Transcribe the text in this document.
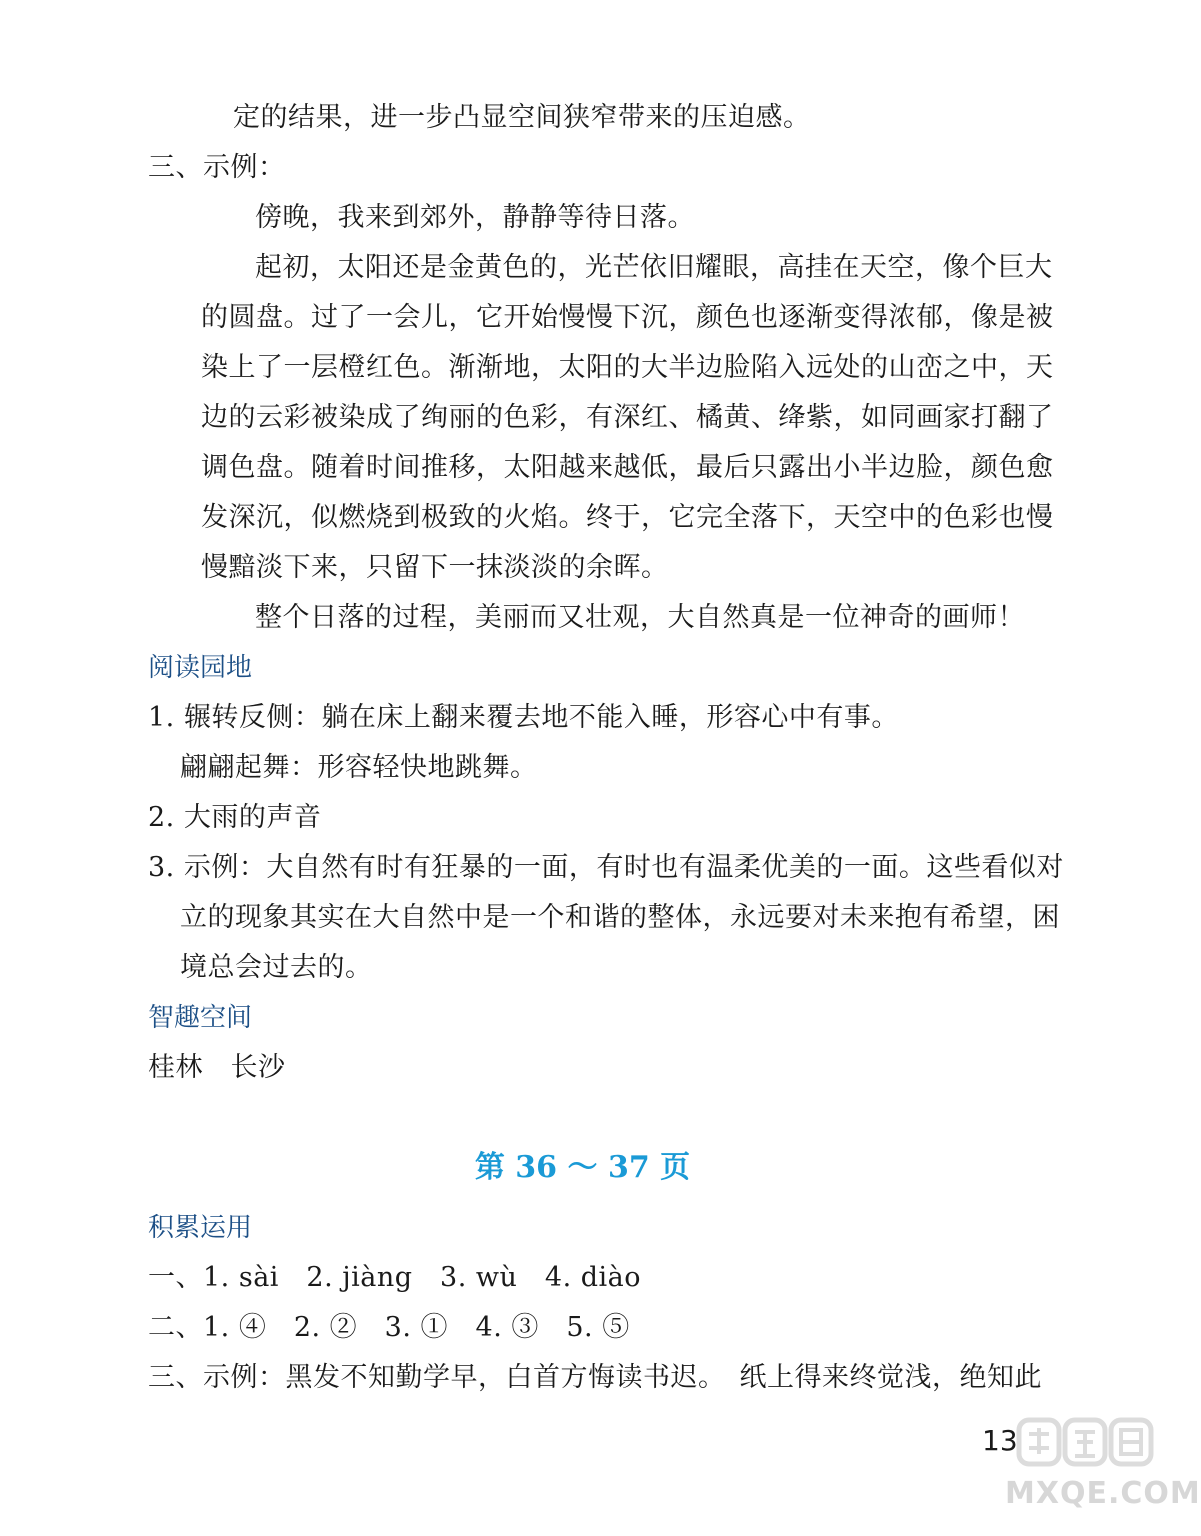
定的结果，进一步凸显空间狭窄带来的压迫感。
三、示例：
傍晚，我来到郊外，静静等待日落。
起初，太阳还是金黄色的，光芒依旧耀眼，高挂在天空，像个巨大
的圆盘。过了一会儿，它开始慢慢下沉，颜色也逐渐变得浓郁，像是被
染上了一层橙红色。渐渐地，太阳的大半边脸陷入远处的山峦之中，天
边的云彩被染成了绚丽的色彩，有深红、橘黄、绛紫，如同画家打翻了
调色盘。随着时间推移，太阳越来越低，最后只露出小半边脸，颜色愈
发深沉，似燃烧到极致的火焰。终于，它完全落下，天空中的色彩也慢
慢黯淡下来，只留下一抹淡淡的余晖。
整个日落的过程，美丽而又壮观，大自然真是一位神奇的画师！
阅读园地
1. 辗转反侧：躺在床上翻来覆去地不能入睡，形容心中有事。
翩翩起舞：形容轻快地跳舞。
2. 大雨的声音
3. 示例：大自然有时有狂暴的一面，有时也有温柔优美的一面。这些看似对
立的现象其实在大自然中是一个和谐的整体，永远要对未来抱有希望，困
境总会过去的。
智趣空间
桂林　长沙
第 36 ～ 37 页
积累运用
一、1. sài　2. jiàng　3. wù　4. diào
二、1. ④　2. ②　3. ①　4. ③　5. ⑤
三、示例：黑发不知勤学早，白首方悔读书迟。　纸上得来终觉浅，绝知此
13
MXQE.COM
